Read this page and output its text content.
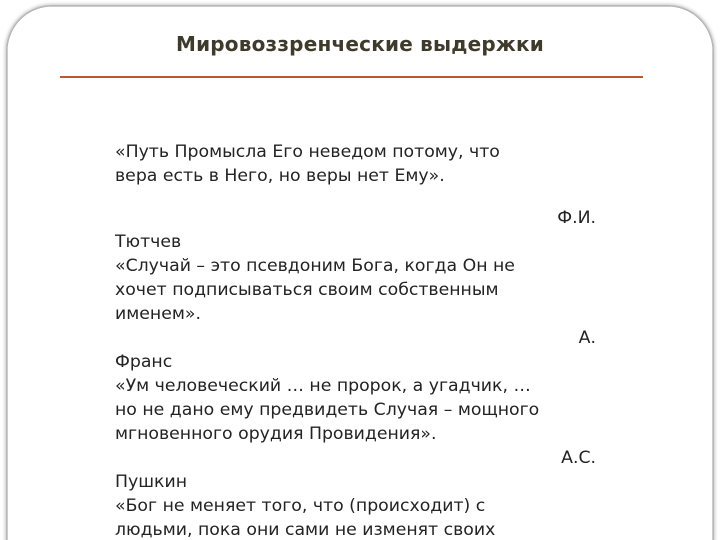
Мировоззренческие выдержки
«Путь Промысла Его неведом потому, что
вера есть в Него, но веры нет Ему».
Ф.И.
Тютчев
«Случай – это псевдоним Бога, когда Он не
хочет подписываться своим собственным
именем».
А.
Франс
«Ум человеческий … не пророк, а угадчик, …
но не дано ему предвидеть Случая – мощного
мгновенного орудия Провидения».
А.С.
Пушкин
«Бог не меняет того, что (происходит) с
людьми, пока они сами не изменят своих
